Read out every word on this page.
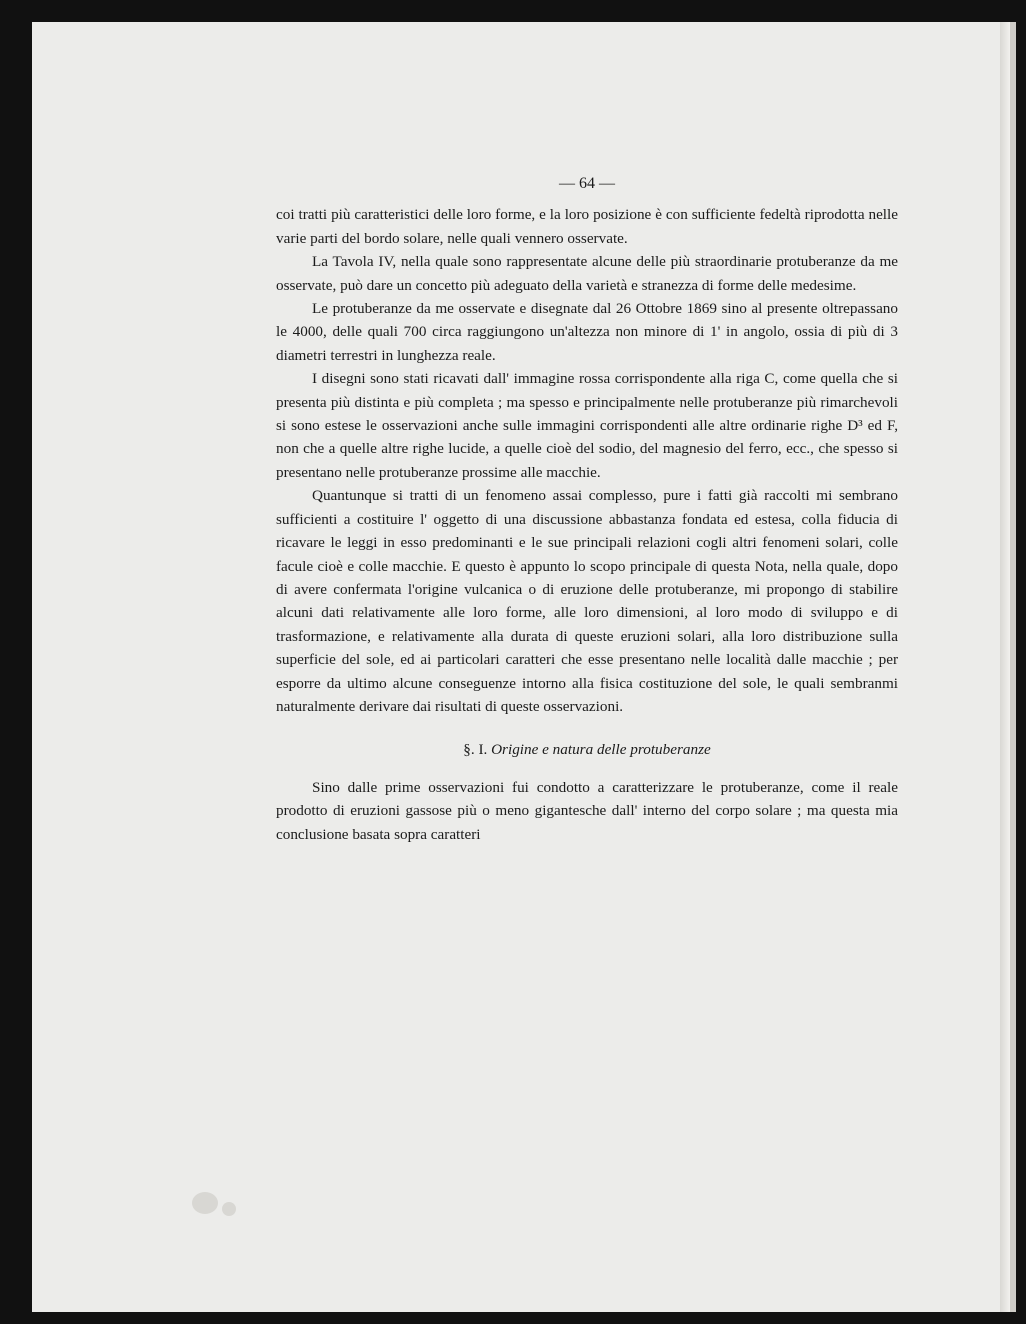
— 64 —

coi tratti più caratteristici delle loro forme, e la loro posizione è con sufficiente fedeltà riprodotta nelle varie parti del bordo solare, nelle quali vennero osservate.

La Tavola IV, nella quale sono rappresentate alcune delle più straordinarie protuberanze da me osservate, può dare un concetto più adeguato della varietà e stranezza di forme delle medesime.

Le protuberanze da me osservate e disegnate dal 26 Ottobre 1869 sino al presente oltrepassano le 4000, delle quali 700 circa raggiungono un'altezza non minore di 1' in angolo, ossia di più di 3 diametri terrestri in lunghezza reale.

I disegni sono stati ricavati dall' immagine rossa corrispondente alla riga C, come quella che si presenta più distinta e più completa ; ma spesso e principalmente nelle protuberanze più rimarchevoli si sono estese le osservazioni anche sulle immagini corrispondenti alle altre ordinarie righe D³ ed F, non che a quelle altre righe lucide, a quelle cioè del sodio, del magnesio del ferro, ecc., che spesso si presentano nelle protuberanze prossime alle macchie.

Quantunque si tratti di un fenomeno assai complesso, pure i fatti già raccolti mi sembrano sufficienti a costituire l' oggetto di una discussione abbastanza fondata ed estesa, colla fiducia di ricavare le leggi in esso predominanti e le sue principali relazioni cogli altri fenomeni solari, colle facule cioè e colle macchie. E questo è appunto lo scopo principale di questa Nota, nella quale, dopo di avere confermata l'origine vulcanica o di eruzione delle protuberanze, mi propongo di stabilire alcuni dati relativamente alle loro forme, alle loro dimensioni, al loro modo di sviluppo e di trasformazione, e relativamente alla durata di queste eruzioni solari, alla loro distribuzione sulla superficie del sole, ed ai particolari caratteri che esse presentano nelle località dalle macchie ; per esporre da ultimo alcune conseguenze intorno alla fisica costituzione del sole, le quali sembranmi naturalmente derivare dai risultati di queste osservazioni.

§. I. Origine e natura delle protuberanze

Sino dalle prime osservazioni fui condotto a caratterizzare le protuberanze, come il reale prodotto di eruzioni gassose più o meno gigantesche dall' interno del corpo solare ; ma questa mia conclusione basata sopra caratteri
